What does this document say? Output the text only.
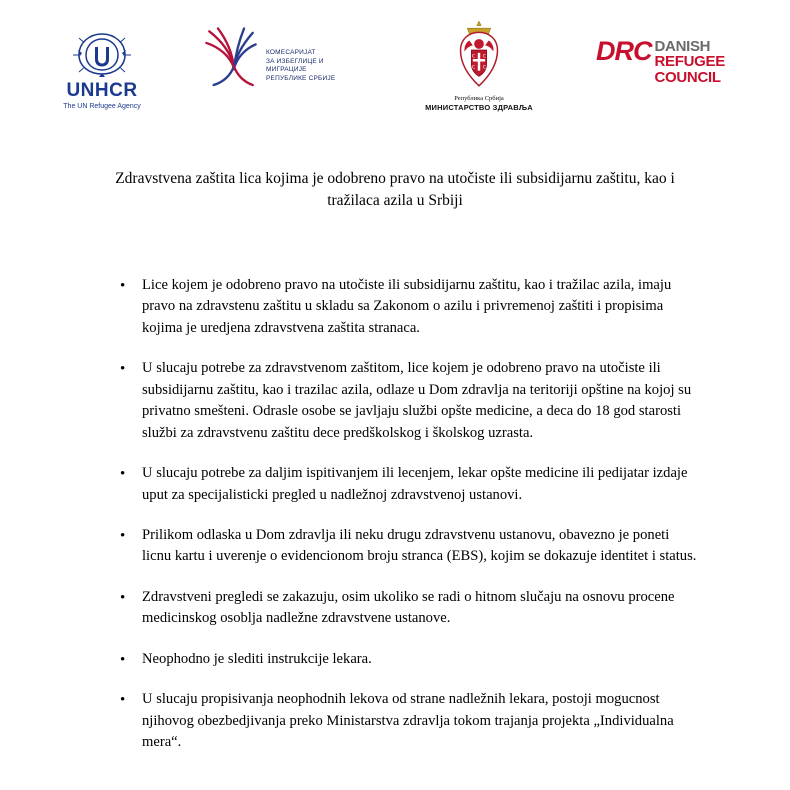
UNHCR
The UN Refugee Agency
КОМЕСАРИЈАТ
ЗА ИЗБЕГЛИЦЕ И МИГРАЦИЈЕ
РЕПУБЛИКЕ СРБИЈЕ
C C
C C
Република Србија
МИНИСТАРСТВО ЗДРАВЉА
DRC DANISH
REFUGEE
COUNCIL
Zdravstvena zaštita lica kojima je odobreno pravo na utočiste ili subsidijarnu zaštitu, kao i tražilaca azila u Srbiji
• Lice kojem je odobreno pravo na utočiste ili subsidijarnu zaštitu, kao i tražilac azila, imaju pravo na zdravstenu zaštitu u skladu sa Zakonom o azilu i privremenoj zaštiti i propisima kojima je uredjena zdravstvena zaštita stranaca.
• U slucaju potrebe za zdravstvenom zaštitom, lice kojem je odobreno pravo na utočiste ili subsidijarnu zaštitu, kao i trazilac azila, odlaze u Dom zdravlja na teritoriji opštine na kojoj su privatno smešteni. Odrasle osobe se javljaju službi opšte medicine, a deca do 18 god starosti službi za zdravstvenu zaštitu dece predškolskog i školskog uzrasta.
• U slucaju potrebe za daljim ispitivanjem ili lecenjem, lekar opšte medicine ili pedijatar izdaje uput za specijalisticki pregled u nadležnoj zdravstvenoj ustanovi.
• Prilikom odlaska u Dom zdravlja ili neku drugu zdravstvenu ustanovu, obavezno je poneti licnu kartu i uverenje o evidencionom broju stranca (EBS), kojim se dokazuje identitet i status.
• Zdravstveni pregledi se zakazuju, osim ukoliko se radi o hitnom slučaju na osnovu procene medicinskog osoblja nadležne zdravstvene ustanove.
• Neophodno je slediti instrukcije lekara.
• U slucaju propisivanja neophodnih lekova od strane nadležnih lekara, postoji mogucnost njihovog obezbedjivanja preko Ministarstva zdravlja tokom trajanja projekta „Individualna mera“.
